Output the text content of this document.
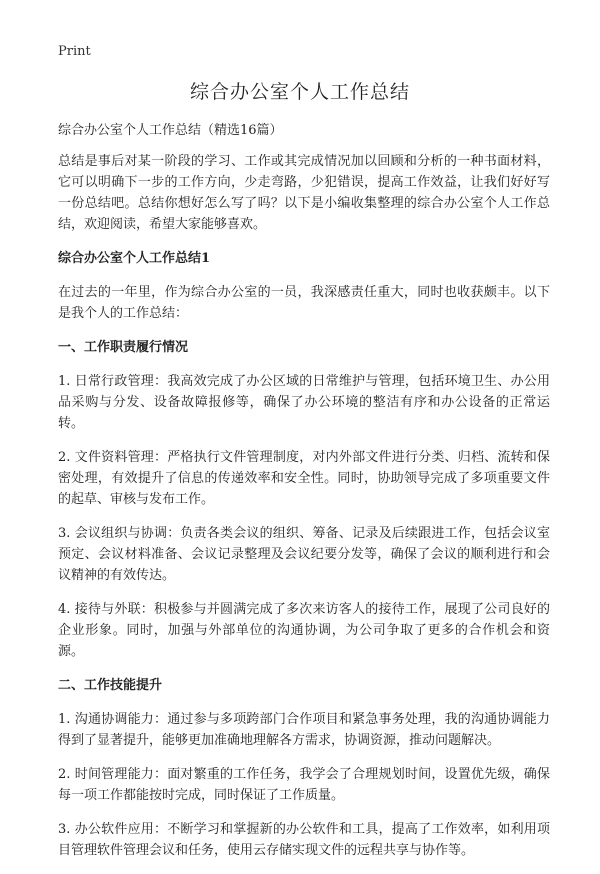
Print
综合办公室个人工作总结
综合办公室个人工作总结（精选16篇）

总结是事后对某一阶段的学习、工作或其完成情况加以回顾和分析的一种书面材料，它可以明确下一步的工作方向，少走弯路，少犯错误，提高工作效益，让我们好好写一份总结吧。总结你想好怎么写了吗？以下是小编收集整理的综合办公室个人工作总结，欢迎阅读，希望大家能够喜欢。

综合办公室个人工作总结1

在过去的一年里，作为综合办公室的一员，我深感责任重大，同时也收获颇丰。以下是我个人的工作总结：

一、工作职责履行情况

1. 日常行政管理：我高效完成了办公区域的日常维护与管理，包括环境卫生、办公用品采购与分发、设备故障报修等，确保了办公环境的整洁有序和办公设备的正常运转。

2. 文件资料管理：严格执行文件管理制度，对内外部文件进行分类、归档、流转和保密处理，有效提升了信息的传递效率和安全性。同时，协助领导完成了多项重要文件的起草、审核与发布工作。

3. 会议组织与协调：负责各类会议的组织、筹备、记录及后续跟进工作，包括会议室预定、会议材料准备、会议记录整理及会议纪要分发等，确保了会议的顺利进行和会议精神的有效传达。

4. 接待与外联：积极参与并圆满完成了多次来访客人的接待工作，展现了公司良好的企业形象。同时，加强与外部单位的沟通协调，为公司争取了更多的合作机会和资源。

二、工作技能提升

1. 沟通协调能力：通过参与多项跨部门合作项目和紧急事务处理，我的沟通协调能力得到了显著提升，能够更加准确地理解各方需求，协调资源，推动问题解决。

2. 时间管理能力：面对繁重的工作任务，我学会了合理规划时间，设置优先级，确保每一项工作都能按时完成，同时保证了工作质量。

3. 办公软件应用：不断学习和掌握新的办公软件和工具，提高了工作效率，如利用项目管理软件管理会议和任务，使用云存储实现文件的远程共享与协作等。
